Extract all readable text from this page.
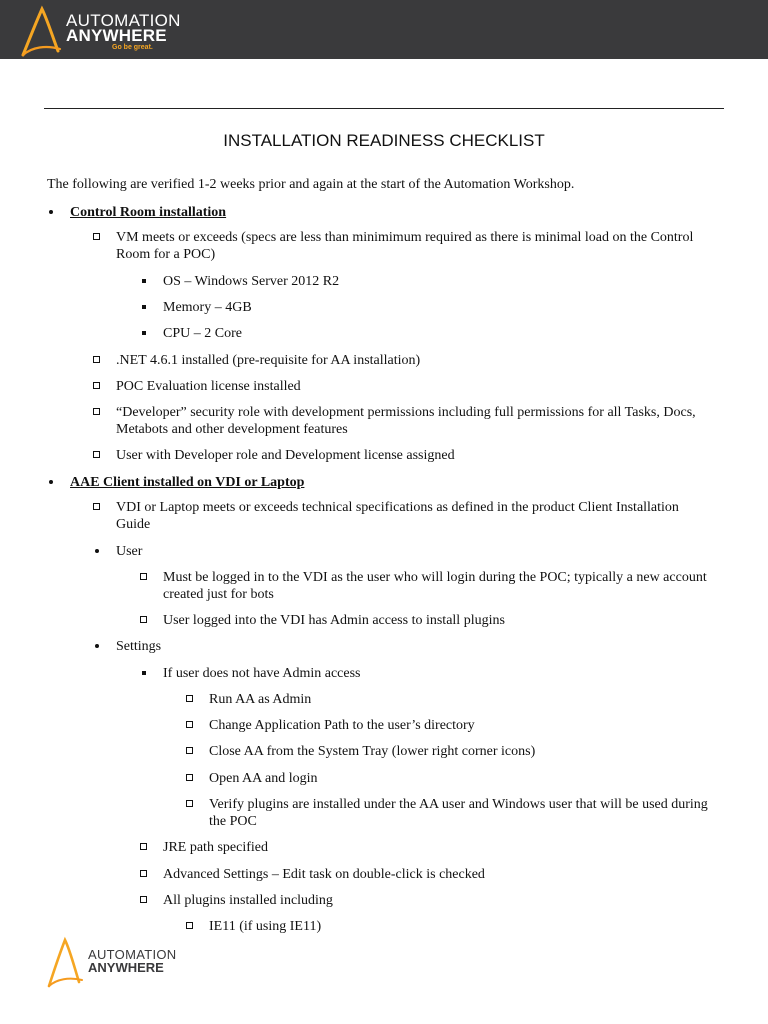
AUTOMATION
ANYWHERE
Go be great.
INSTALLATION READINESS CHECKLIST
The following are verified 1-2 weeks prior and again at the start of the Automation Workshop.
Control Room installation
VM meets or exceeds (specs are less than minimimum required as there is minimal load on the Control
Room for a POC)
OS – Windows Server 2012 R2
Memory – 4GB
CPU – 2 Core
.NET 4.6.1 installed (pre-requisite for AA installation)
POC Evaluation license installed
“Developer” security role with development permissions including full permissions for all Tasks, Docs,
Metabots and other development features
User with Developer role and Development license assigned
AAE Client installed on VDI or Laptop
VDI or Laptop meets or exceeds technical specifications as defined in the product Client Installation
Guide
User
Must be logged in to the VDI as the user who will login during the POC; typically a new account
created just for bots
User logged into the VDI has Admin access to install plugins
Settings
If user does not have Admin access
Run AA as Admin
Change Application Path to the user’s directory
Close AA from the System Tray (lower right corner icons)
Open AA and login
Verify plugins are installed under the AA user and Windows user that will be used during
the POC
JRE path specified
Advanced Settings – Edit task on double-click is checked
All plugins installed including
IE11 (if using IE11)
AUTOMATION
ANYWHERE
